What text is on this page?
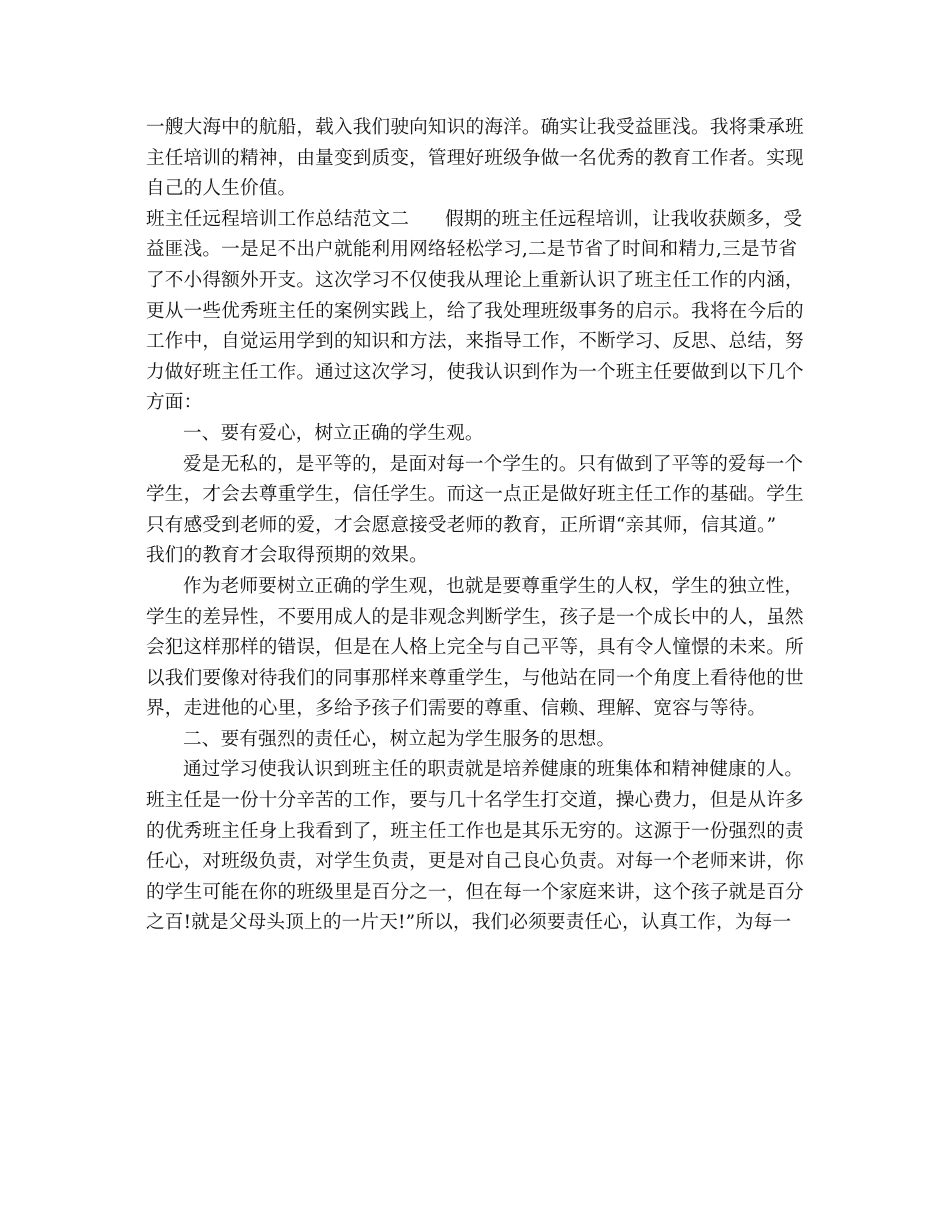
一艘大海中的航船，载入我们驶向知识的海洋。确实让我受益匪浅。我将秉承班
主任培训的精神，由量变到质变，管理好班级争做一名优秀的教育工作者。实现
自己的人生价值。
班主任远程培训工作总结范文二 假期的班主任远程培训，让我收获颇多，受
益匪浅。一是足不出户就能利用网络轻松学习,二是节省了时间和精力,三是节省
了不小得额外开支。这次学习不仅使我从理论上重新认识了班主任工作的内涵，
更从一些优秀班主任的案例实践上，给了我处理班级事务的启示。我将在今后的
工作中，自觉运用学到的知识和方法，来指导工作，不断学习、反思、总结，努
力做好班主任工作。通过这次学习，使我认识到作为一个班主任要做到以下几个
方面：
一、要有爱心，树立正确的学生观。
爱是无私的，是平等的，是面对每一个学生的。只有做到了平等的爱每一个
学生，才会去尊重学生，信任学生。而这一点正是做好班主任工作的基础。学生
只有感受到老师的爱，才会愿意接受老师的教育，正所谓“亲其师，信其道。”
我们的教育才会取得预期的效果。
作为老师要树立正确的学生观，也就是要尊重学生的人权，学生的独立性，
学生的差异性，不要用成人的是非观念判断学生，孩子是一个成长中的人，虽然
会犯这样那样的错误，但是在人格上完全与自己平等，具有令人憧憬的未来。所
以我们要像对待我们的同事那样来尊重学生，与他站在同一个角度上看待他的世
界，走进他的心里，多给予孩子们需要的尊重、信赖、理解、宽容与等待。
二、要有强烈的责任心，树立起为学生服务的思想。
通过学习使我认识到班主任的职责就是培养健康的班集体和精神健康的人。
班主任是一份十分辛苦的工作，要与几十名学生打交道，操心费力，但是从许多
的优秀班主任身上我看到了，班主任工作也是其乐无穷的。这源于一份强烈的责
任心，对班级负责，对学生负责，更是对自己良心负责。对每一个老师来讲，你
的学生可能在你的班级里是百分之一，但在每一个家庭来讲，这个孩子就是百分
之百!就是父母头顶上的一片天!”所以，我们必须要责任心，认真工作，为每一
